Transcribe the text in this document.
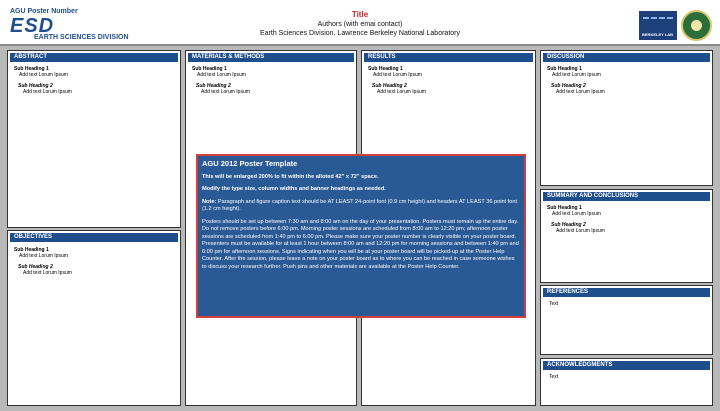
AGU Poster Number
ESD
EARTH SCIENCES DIVISION
Title
Authors (with emai contact)
Earth Sciences Division, Lawrence Berkeley National Laboratory	BERKELEY LAB
ABSTRACT
Sub Heading 1
Add text Lorum Ipsum
Sub Heading 2
Add text Lorum Ipsum
OBJECTIVES
Sub Heading 1
Add text Lorum Ipsum
Sub Heading 2
Add text Lorum Ipsum
MATERIALS & METHODS
Sub Heading 1
Add text Lorum Ipsum
Sub Heading 2
Add text Lorum Ipsum
RESULTS
Sub Heading 1
Add text Lorum Ipsum
Sub Heading 2
Add text Lorum Ipsum
DISCUSSION
Sub Heading 1
Add text Lorum Ipsum
Sub Heading 2
Add text Lorum Ipsum
SUMMARY AND CONCLUSIONS
Sub Heading 1
Add text Lorum Ipsum
Sub Heading 2
Add text Lorum Ipsum
REFERENCES
Text
ACKNOWLEDGMENTS
Text
AGU 2012 Poster Template
This will be enlarged 200% to fit within the alloted 42” x 72” space.
Modify the type size, column widths and banner headings as needed.
Note: Paragraph and figure caption text should be AT LEAST 24-point font (0.9 cm height) and headers AT LEAST 36 point font (1.2 cm height).
Posters should be set up between 7:30 am and 8:00 am on the day of your presentation. Posters must remain up the entire day. Do not remove posters before 6:00 pm. Morning poster sessions are scheduled from 8:00 am to 12:20 pm; afternoon poster sessions are scheduled from 1:40 pm to 6:00 pm. Please make sure your poster number is clearly visible on your poster board. Presenters must be available for at least 1 hour between 8:00 am and 12:20 pm for morning sessions and between 1:40 pm and 6:00 pm for afternoon sessions. Signs indicating when you will be at your poster board will be picked-up at the Poster Help Counter. After the session, please leave a note on your poster board as to where you can be reached in case someone wishes to discuss your research further. Push pins and other materials are available at the Poster Help Counter.
